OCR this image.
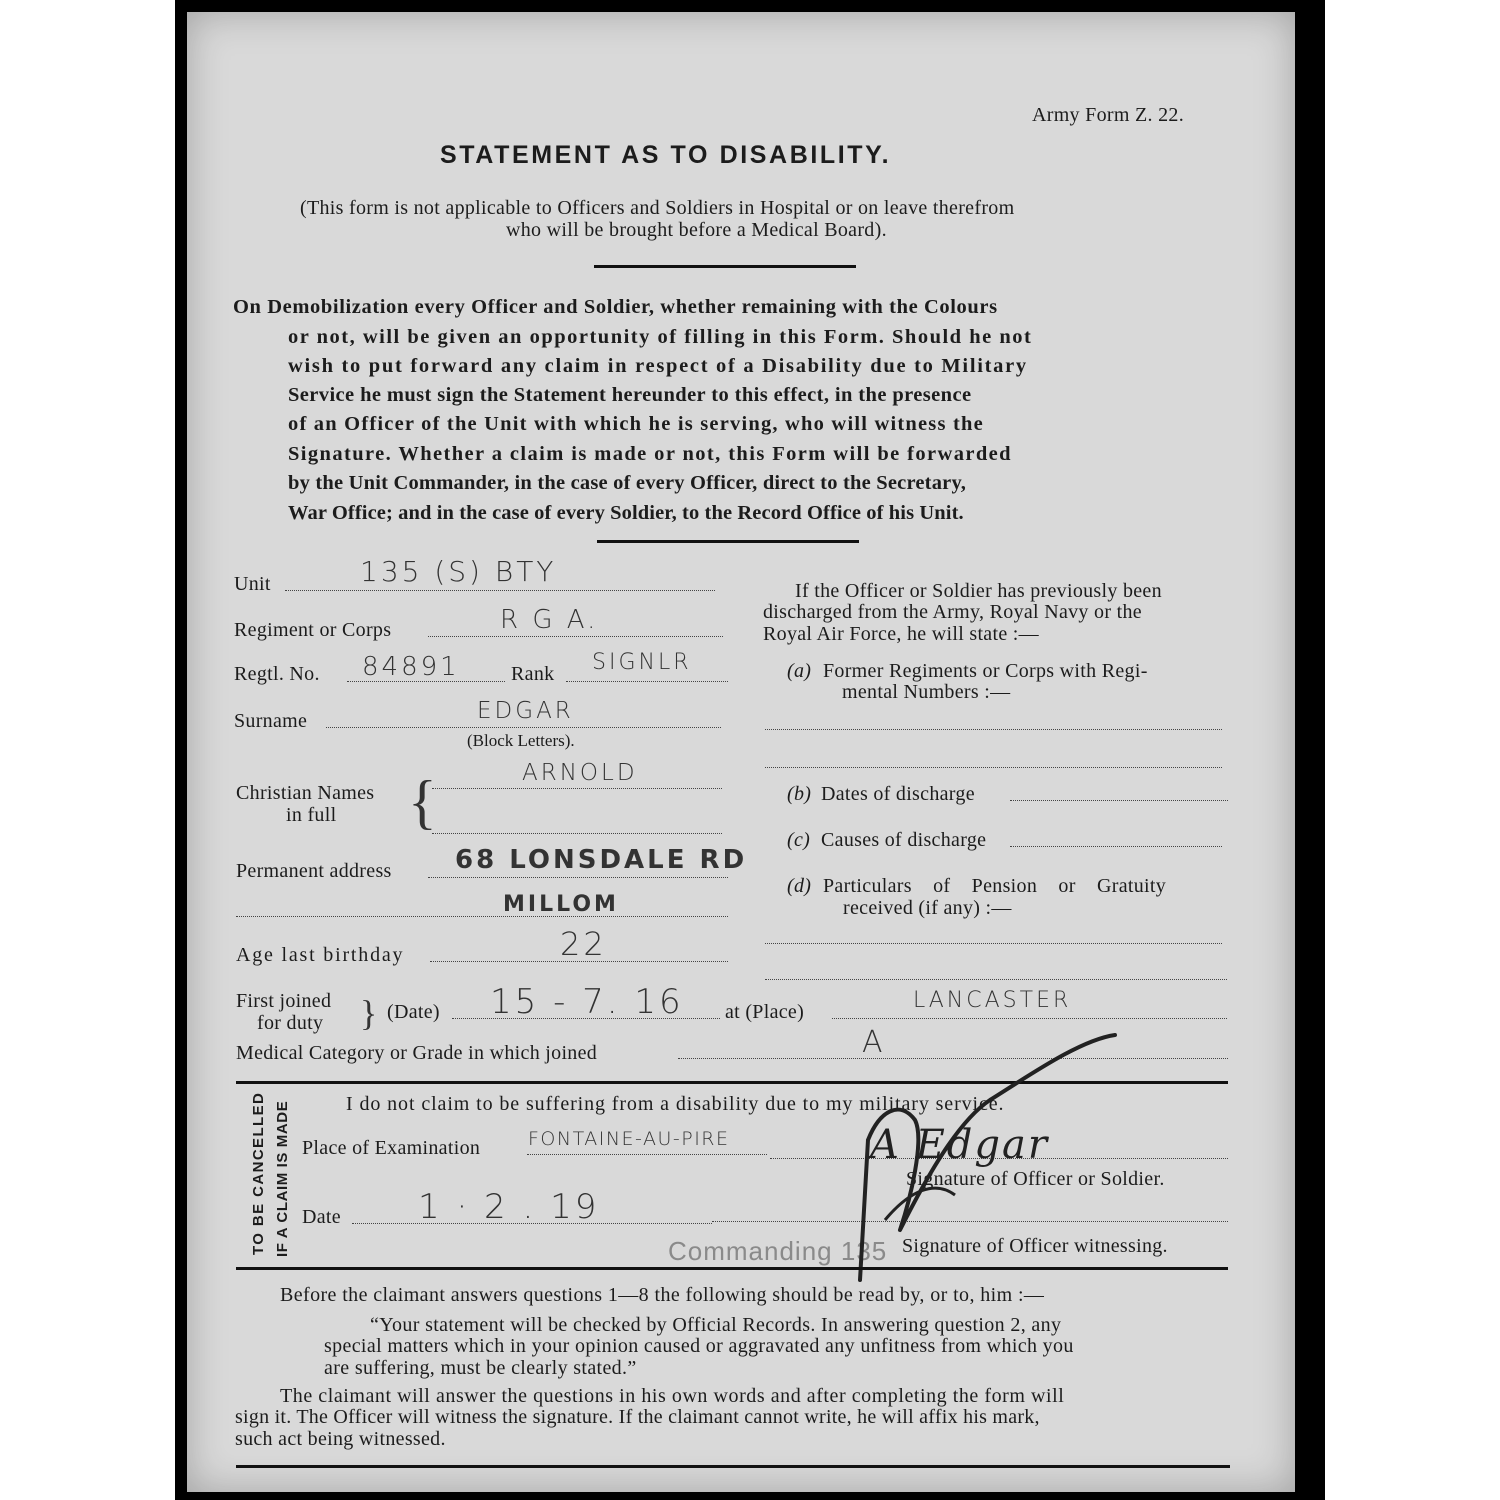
Army Form Z. 22.
STATEMENT AS TO DISABILITY.
(This form is not applicable to Officers and Soldiers in Hospital or on leave therefrom
who will be brought before a Medical Board).
On Demobilization every Officer and Soldier, whether remaining with the Colours
or not, will be given an opportunity of filling in this Form. Should he not
wish to put forward any claim in respect of a Disability due to Military
Service he must sign the Statement hereunder to this effect, in the presence
of an Officer of the Unit with which he is serving, who will witness the
Signature. Whether a claim is made or not, this Form will be forwarded
by the Unit Commander, in the case of every Officer, direct to the Secretary,
War Office; and in the case of every Soldier, to the Record Office of his Unit.
Unit	135 (S) BTY
Regiment or Corps	R G A.
Regtl. No. 84891	Rank SIGNLR
Surname	EDGAR
(Block Letters).
Christian Names
in full {	ARNOLD
Permanent address 68 LONSDALE RD
MILLOM
Age last birthday	22
First joined
for duty } (Date) 15 - 7. 16 at (Place)	LANCASTER
Medical Category or Grade in which joined	A
If the Officer or Soldier has previously been
discharged from the Army, Royal Navy or the
Royal Air Force, he will state :—
(a) Former Regiments or Corps with Regi-
mental Numbers :—
(b) Dates of discharge
(c) Causes of discharge
(d) Particulars of Pension or Gratuity
received (if any) :—
TO BE CANCELLED IF A CLAIM IS MADE	I do not claim to be suffering from a disability due to my military service.
Place of Examination	FONTAINE-AU-PIRE	A Edgar
Signature of Officer or Soldier.
Date 1 · 2 . 19
Commanding 135 Signature of Officer witnessing.
Before the claimant answers questions 1—8 the following should be read by, or to, him :—
“Your statement will be checked by Official Records. In answering question 2, any
special matters which in your opinion caused or aggravated any unfitness from which you
are suffering, must be clearly stated.”
The claimant will answer the questions in his own words and after completing the form will
sign it. The Officer will witness the signature. If the claimant cannot write, he will affix his mark,
such act being witnessed.
